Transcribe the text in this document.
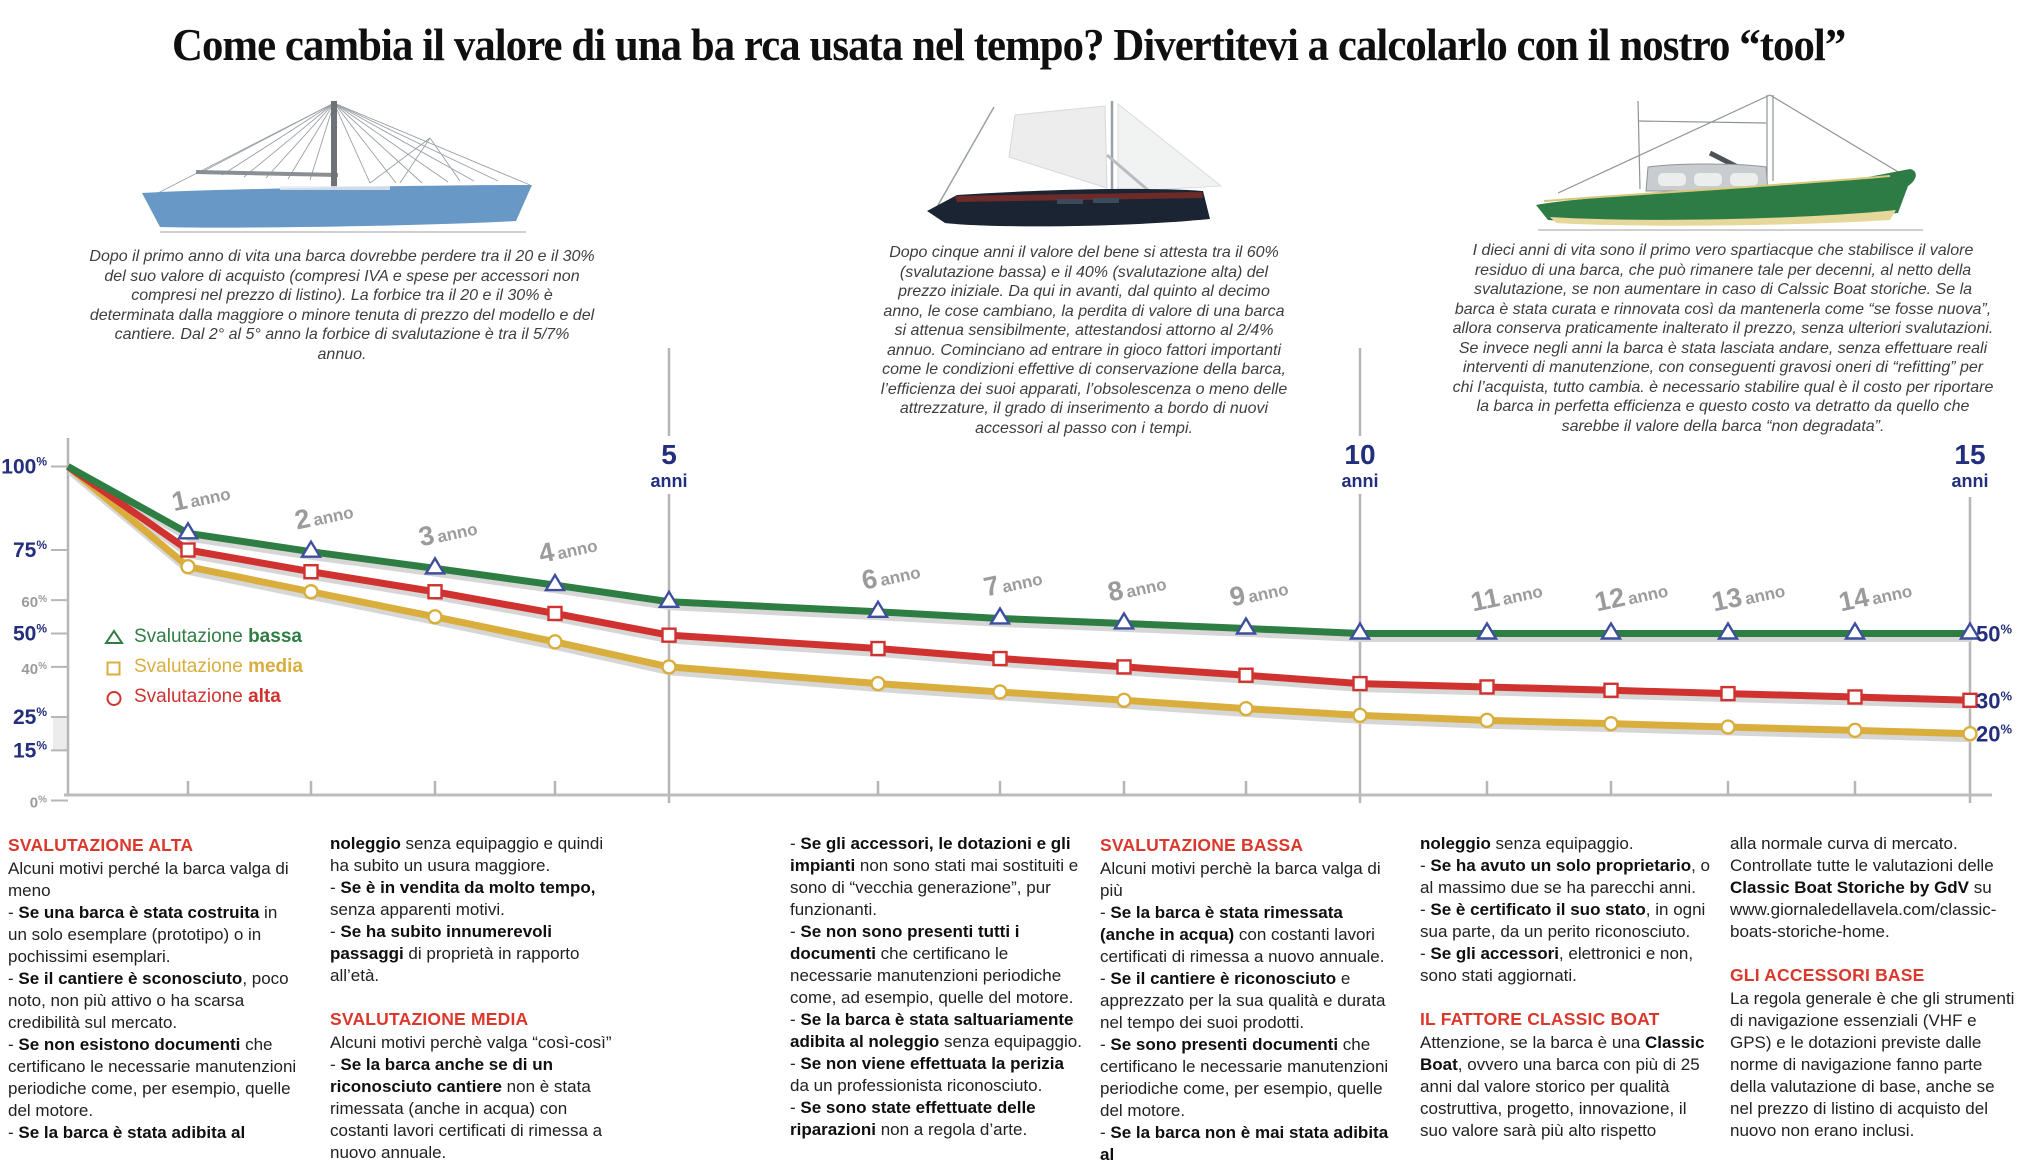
Come cambia il valore di una ba rca usata nel tempo? Divertitevi a calcolarlo con il nostro “tool”

Dopo il primo anno di vita una barca dovrebbe perdere tra il 20 e il 30% del suo valore di acquisto (compresi IVA e spese per accessori non compresi nel prezzo di listino). La forbice tra il 20 e il 30% è determinata dalla maggiore o minore tenuta di prezzo del modello e del cantiere. Dal 2° al 5° anno la forbice di svalutazione è tra il 5/7% annuo.

Dopo cinque anni il valore del bene si attesta tra il 60% (svalutazione bassa) e il 40% (svalutazione alta) del prezzo iniziale. Da qui in avanti, dal quinto al decimo anno, le cose cambiano, la perdita di valore di una barca si attenua sensibilmente, attestandosi attorno al 2/4% annuo. Cominciano ad entrare in gioco fattori importanti come le condizioni effettive di conservazione della barca, l’efficienza dei suoi apparati, l’obsolescenza o meno delle attrezzature, il grado di inserimento a bordo di nuovi accessori al passo con i tempi.

I dieci anni di vita sono il primo vero spartiacque che stabilisce il valore residuo di una barca, che può rimanere tale per decenni, al netto della svalutazione, se non aumentare in caso di Calssic Boat storiche. Se la barca è stata curata e rinnovata così da mantenerla come “se fosse nuova”, allora conserva praticamente inalterato il prezzo, senza ulteriori svalutazioni. Se invece negli anni la barca è stata lasciata andare, senza effettuare reali interventi di manutenzione, con conseguenti gravosi oneri di “refitting” per chi l’acquista, tutto cambia. è necessario stabilire qual è il costo per riportare la barca in perfetta efficienza e questo costo va detratto da quello che sarebbe il valore della barca “non degradata”.

100%
75%
60%
50%
40%
25%
15%
0%
1anno
2anno
3anno
4anno
6anno 7anno 8anno 9anno	11anno 12anno 13anno 14anno
5
anni
10
anni
15
anni
50%
30%
20%
Svalutazione bassa
Svalutazione media
Svalutazione alta
SVALUTAZIONE ALTA

Alcuni motivi perché la barca valga di meno

- Se una barca è stata costruita in un solo esemplare (prototipo) o in pochissimi esemplari.

- Se il cantiere è sconosciuto, poco noto, non più attivo o ha scarsa credibilità sul mercato.

- Se non esistono documenti che certificano le necessarie manutenzioni periodiche come, per esempio, quelle del motore.

- Se la barca è stata adibita al

noleggio senza equipaggio e quindi ha subito un usura maggiore.

- Se è in vendita da molto tempo, senza apparenti motivi.

- Se ha subito innumerevoli passaggi di proprietà in rapporto all’età.

SVALUTAZIONE MEDIA

Alcuni motivi perchè valga “così-così”

- Se la barca anche se di un riconosciuto cantiere non è stata rimessata (anche in acqua) con costanti lavori certificati di rimessa a nuovo annuale.

- Se gli accessori, le dotazioni e gli impianti non sono stati mai sostituiti e sono di “vecchia generazione”, pur funzionanti.

- Se non sono presenti tutti i documenti che certificano le necessarie manutenzioni periodiche come, ad esempio, quelle del motore.

- Se la barca è stata saltuariamente adibita al noleggio senza equipaggio.

- Se non viene effettuata la perizia da un professionista riconosciuto.

- Se sono state effettuate delle riparazioni non a regola d’arte.

SVALUTAZIONE BASSA

Alcuni motivi perchè la barca valga di più

- Se la barca è stata rimessata (anche in acqua) con costanti lavori certificati di rimessa a nuovo annuale.

- Se il cantiere è riconosciuto e apprezzato per la sua qualità e durata nel tempo dei suoi prodotti.

- Se sono presenti documenti che certificano le necessarie manutenzioni periodiche come, per esempio, quelle del motore.

- Se la barca non è mai stata adibita al

noleggio senza equipaggio.

- Se ha avuto un solo proprietario, o al massimo due se ha parecchi anni.

- Se è certificato il suo stato, in ogni sua parte, da un perito riconosciuto.

- Se gli accessori, elettronici e non, sono stati aggiornati.

IL FATTORE CLASSIC BOAT

Attenzione, se la barca è una Classic Boat, ovvero una barca con più di 25 anni dal valore storico per qualità costruttiva, progetto, innovazione, il suo valore sarà più alto rispetto

alla normale curva di mercato. Controllate tutte le valutazioni delle Classic Boat Storiche by GdV su www.giornaledellavela.com/classic-boats-storiche-home.

GLI ACCESSORI BASE

La regola generale è che gli strumenti di navigazione essenziali (VHF e GPS) e le dotazioni previste dalle norme di navigazione fanno parte della valutazione di base, anche se nel prezzo di listino di acquisto del nuovo non erano inclusi.
